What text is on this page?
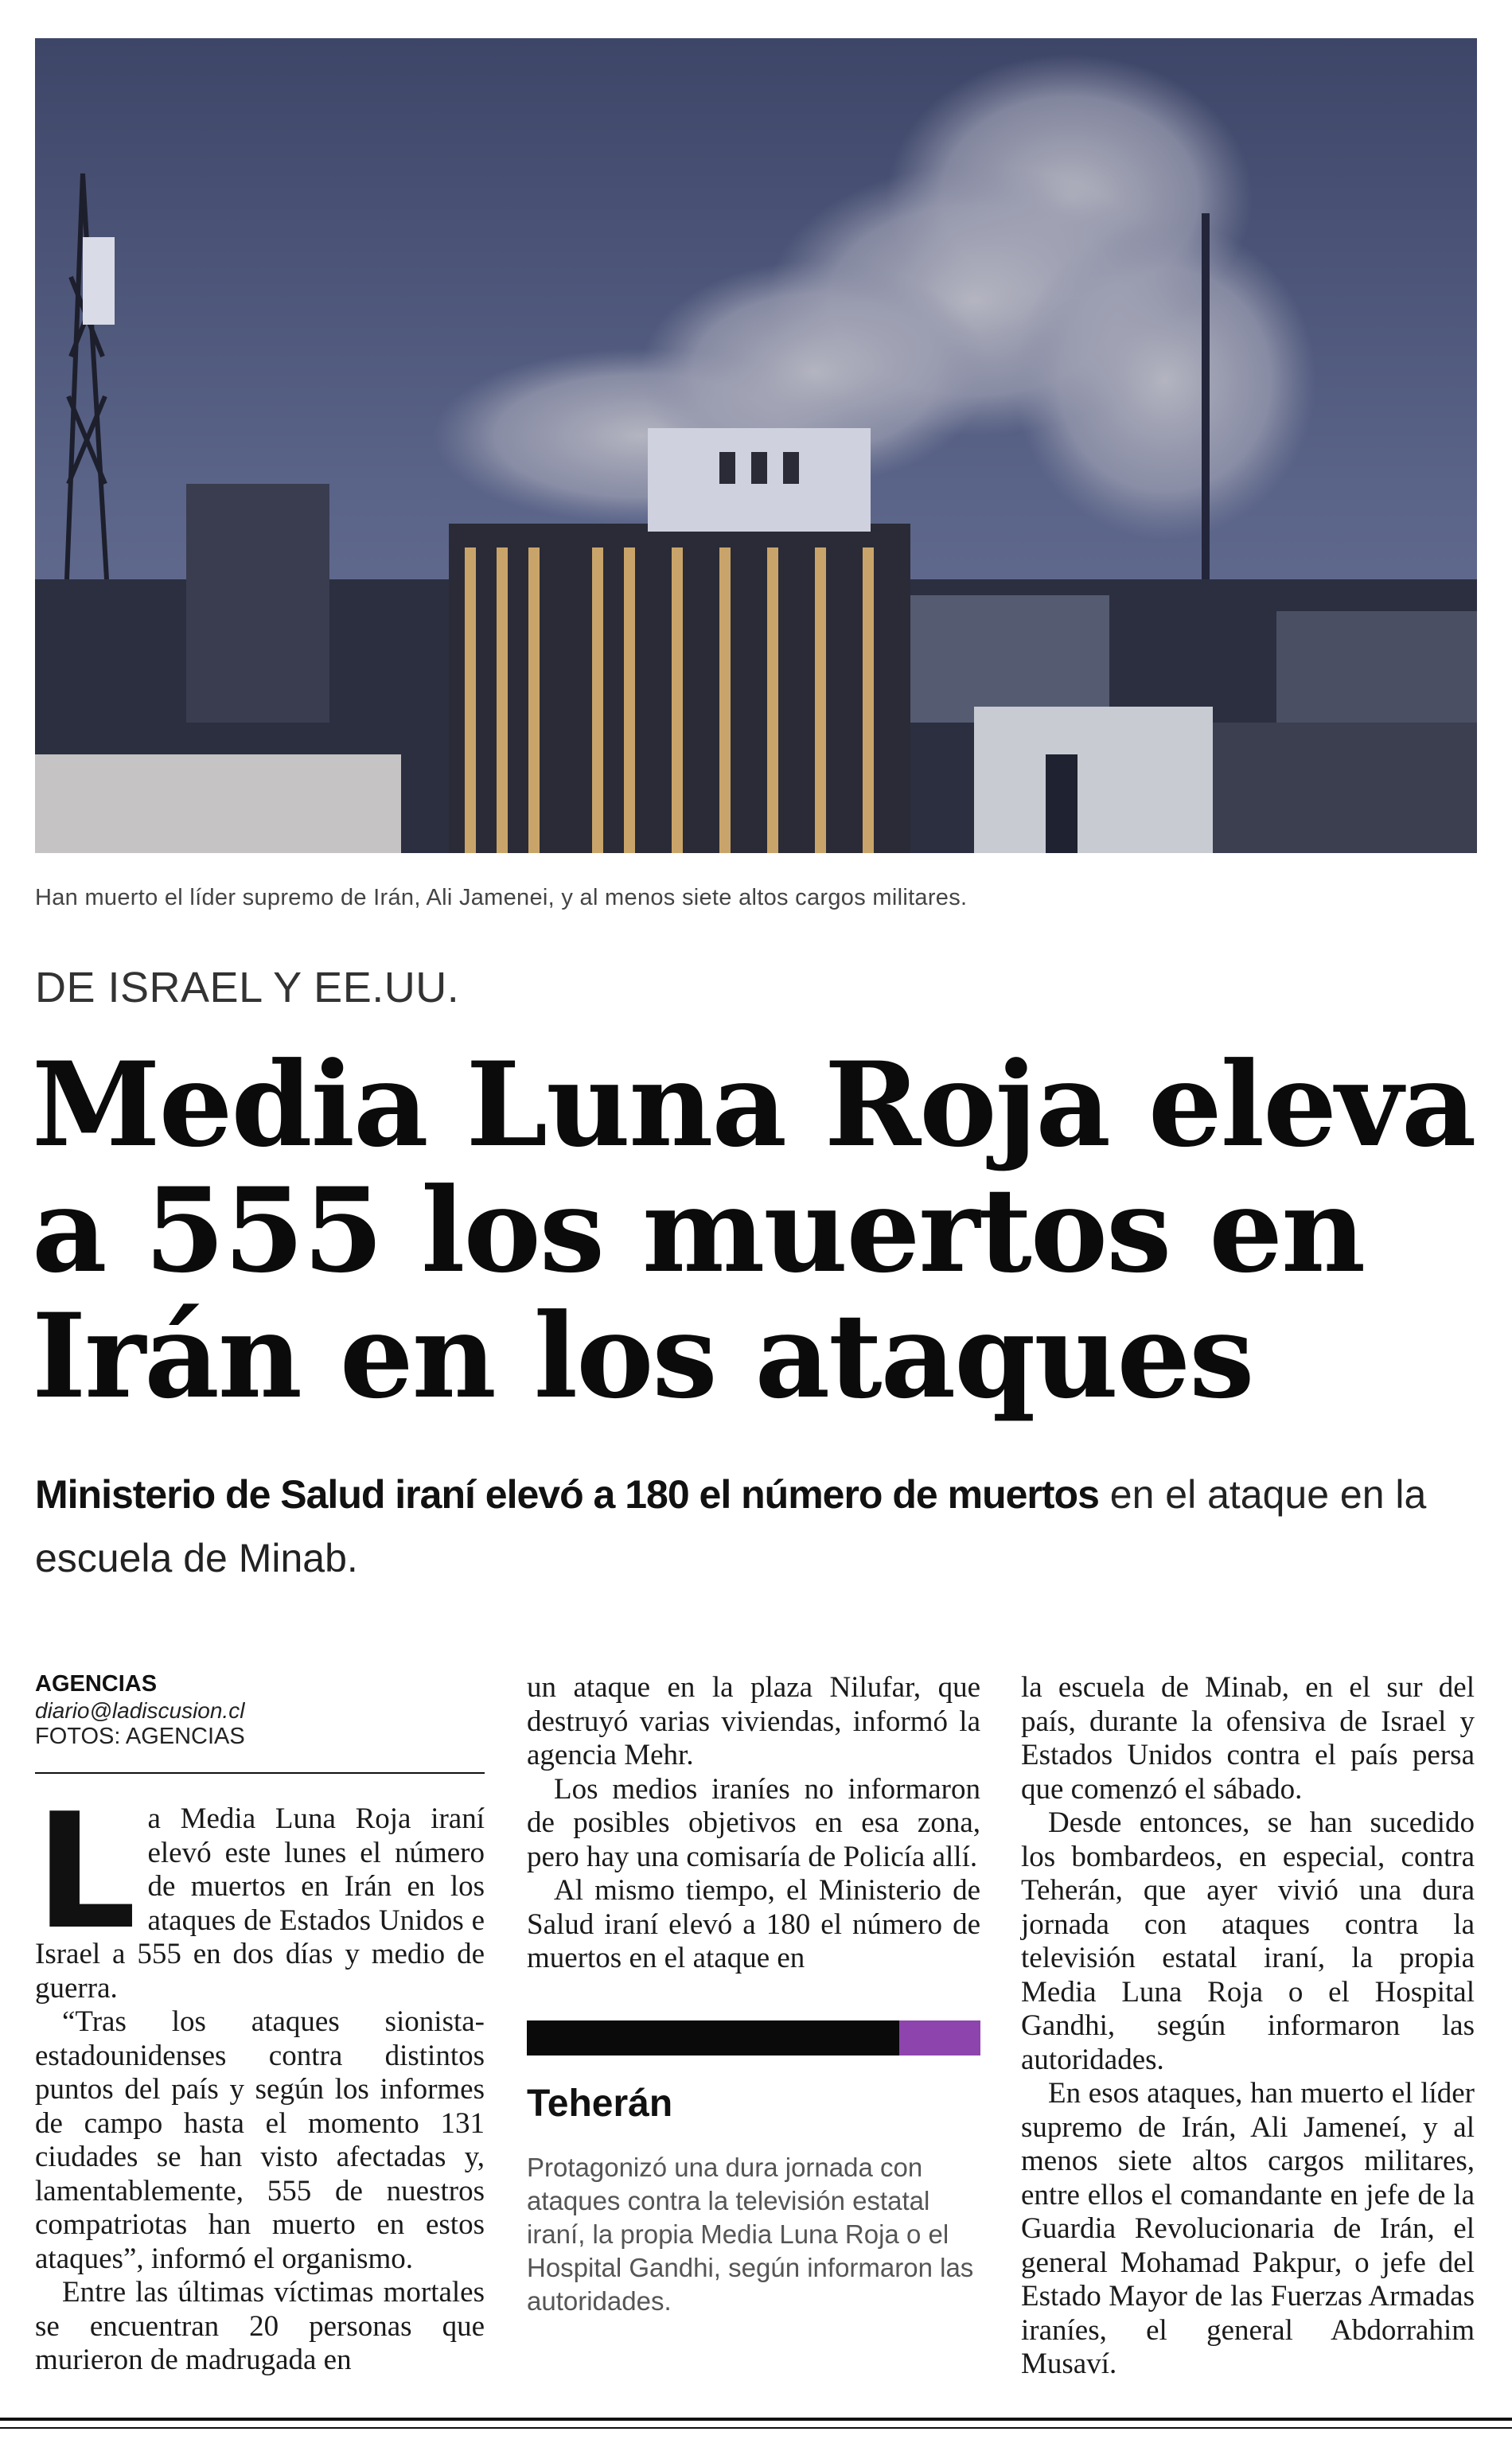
Han muerto el líder supremo de Irán, Ali Jamenei, y al menos siete altos cargos militares.
DE ISRAEL Y EE.UU.
Media Luna Roja eleva
a 555 los muertos en
Irán en los ataques
Ministerio de Salud iraní elevó a 180 el número de muertos en el ataque en la escuela de Minab.
AGENCIAS
diario@ladiscusion.cl
FOTOS: AGENCIAS

La Media Luna Roja iraní elevó este lunes el número de muertos en Irán en los ataques de Estados Unidos e Israel a 555 en dos días y medio de guerra.

“Tras los ataques sionista-estadounidenses contra distintos puntos del país y según los informes de campo hasta el momento 131 ciudades se han visto afectadas y, lamentablemente, 555 de nuestros compatriotas han muerto en estos ataques”, informó el organismo.

Entre las últimas víctimas mortales se encuentran 20 personas que murieron de madrugada en

un ataque en la plaza Nilufar, que destruyó varias viviendas, informó la agencia Mehr.

Los medios iraníes no informaron de posibles objetivos en esa zona, pero hay una comisaría de Policía allí.

Al mismo tiempo, el Ministerio de Salud iraní elevó a 180 el número de muertos en el ataque en

Teherán
Protagonizó una dura jornada con ataques contra la televisión estatal iraní, la propia Media Luna Roja o el Hospital Gandhi, según informaron las autoridades.

la escuela de Minab, en el sur del país, durante la ofensiva de Israel y Estados Unidos contra el país persa que comenzó el sábado.

Desde entonces, se han sucedido los bombardeos, en especial, contra Teherán, que ayer vivió una dura jornada con ataques contra la televisión estatal iraní, la propia Media Luna Roja o el Hospital Gandhi, según informaron las autoridades.

En esos ataques, han muerto el líder supremo de Irán, Ali Jameneí, y al menos siete altos cargos militares, entre ellos el comandante en jefe de la Guardia Revolucionaria de Irán, el general Mohamad Pakpur, o jefe del Estado Mayor de las Fuerzas Armadas iraníes, el general Abdorrahim Musaví.
